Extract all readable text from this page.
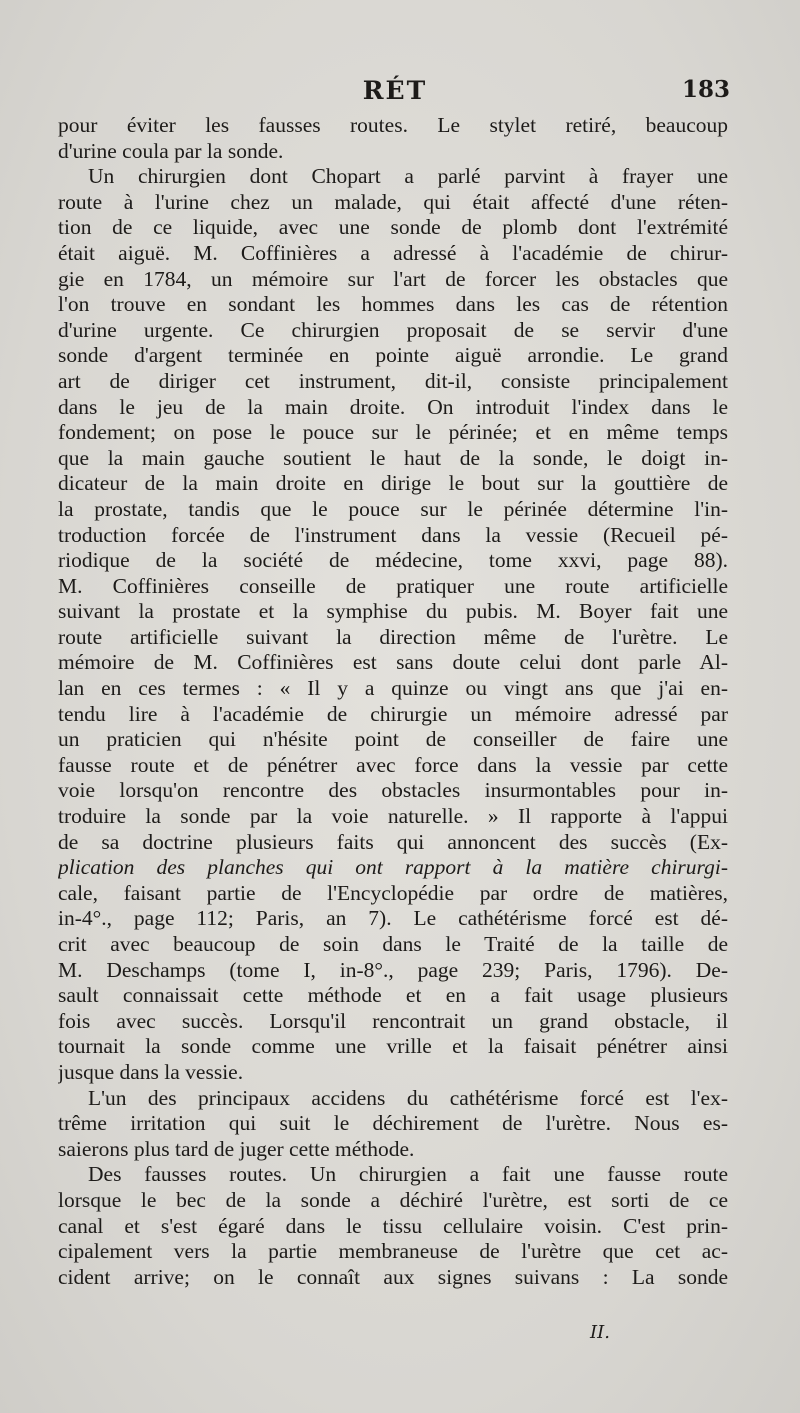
RÉT	183
pour éviter les fausses routes. Le stylet retiré, beaucoup
d'urine coula par la sonde.
Un chirurgien dont Chopart a parlé parvint à frayer une
route à l'urine chez un malade, qui était affecté d'une réten-
tion de ce liquide, avec une sonde de plomb dont l'extrémité
était aiguë. M. Coffinières a adressé à l'académie de chirur-
gie en 1784, un mémoire sur l'art de forcer les obstacles que
l'on trouve en sondant les hommes dans les cas de rétention
d'urine urgente. Ce chirurgien proposait de se servir d'une
sonde d'argent terminée en pointe aiguë arrondie. Le grand
art de diriger cet instrument, dit-il, consiste principalement
dans le jeu de la main droite. On introduit l'index dans le
fondement; on pose le pouce sur le périnée; et en même temps
que la main gauche soutient le haut de la sonde, le doigt in-
dicateur de la main droite en dirige le bout sur la gouttière de
la prostate, tandis que le pouce sur le périnée détermine l'in-
troduction forcée de l'instrument dans la vessie (Recueil pé-
riodique de la société de médecine, tome xxvi, page 88).
M. Coffinières conseille de pratiquer une route artificielle
suivant la prostate et la symphise du pubis. M. Boyer fait une
route artificielle suivant la direction même de l'urètre. Le
mémoire de M. Coffinières est sans doute celui dont parle Al-
lan en ces termes : « Il y a quinze ou vingt ans que j'ai en-
tendu lire à l'académie de chirurgie un mémoire adressé par
un praticien qui n'hésite point de conseiller de faire une
fausse route et de pénétrer avec force dans la vessie par cette
voie lorsqu'on rencontre des obstacles insurmontables pour in-
troduire la sonde par la voie naturelle. » Il rapporte à l'appui
de sa doctrine plusieurs faits qui annoncent des succès (Ex-
plication des planches qui ont rapport à la matière chirurgi-
cale, faisant partie de l'Encyclopédie par ordre de matières,
in-4°., page 112; Paris, an 7). Le cathétérisme forcé est dé-
crit avec beaucoup de soin dans le Traité de la taille de
M. Deschamps (tome I, in-8°., page 239; Paris, 1796). De-
sault connaissait cette méthode et en a fait usage plusieurs
fois avec succès. Lorsqu'il rencontrait un grand obstacle, il
tournait la sonde comme une vrille et la faisait pénétrer ainsi
jusque dans la vessie.
L'un des principaux accidens du cathétérisme forcé est l'ex-
trême irritation qui suit le déchirement de l'urètre. Nous es-
saierons plus tard de juger cette méthode.
Des fausses routes. Un chirurgien a fait une fausse route
lorsque le bec de la sonde a déchiré l'urètre, est sorti de ce
canal et s'est égaré dans le tissu cellulaire voisin. C'est prin-
cipalement vers la partie membraneuse de l'urètre que cet ac-
cident arrive; on le connaît aux signes suivans : La sonde
II.
